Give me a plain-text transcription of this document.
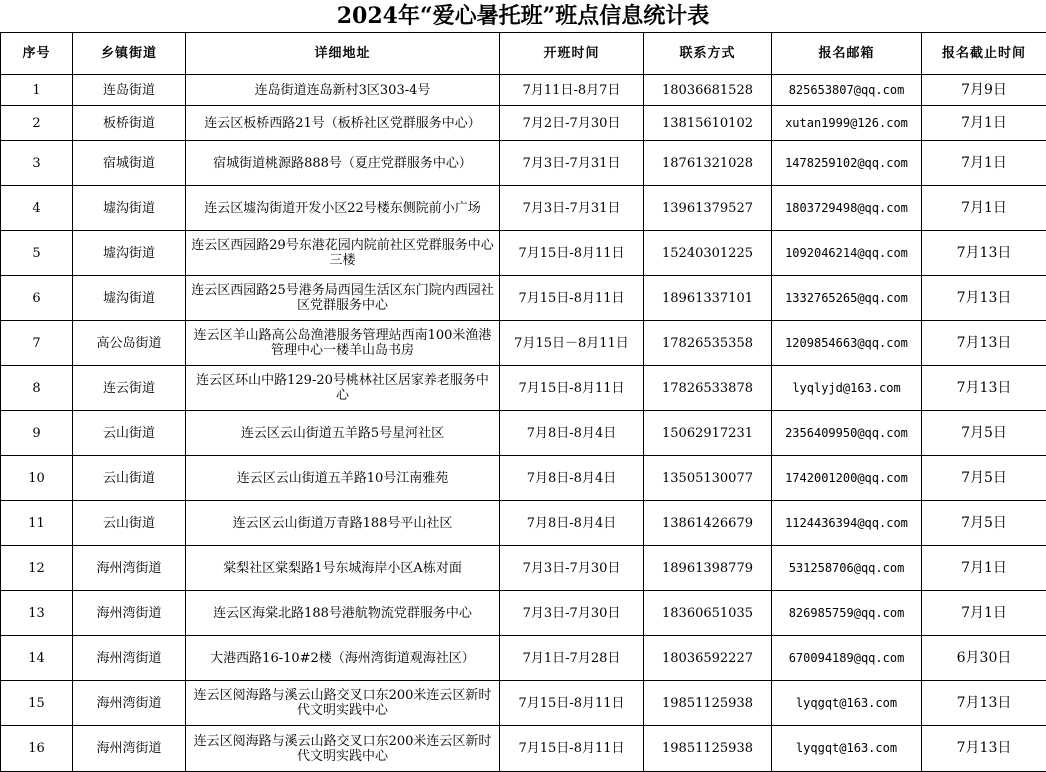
2024年“爱心暑托班”班点信息统计表
序号	乡镇街道	详细地址	开班时间	联系方式	报名邮箱	报名截止时间
1	连岛街道	连岛街道连岛新村3区303-4号	7月11日-8月7日	18036681528	825653807@qq.com	7月9日
2	板桥街道	连云区板桥西路21号（板桥社区党群服务中心）	7月2日-7月30日	13815610102	xutan1999@126.com	7月1日
3	宿城街道	宿城街道桃源路888号（夏庄党群服务中心）	7月3日-7月31日	18761321028	1478259102@qq.com	7月1日
4	墟沟街道	连云区墟沟街道开发小区22号楼东侧院前小广场	7月3日-7月31日	13961379527	1803729498@qq.com	7月1日
5	墟沟街道	连云区西园路29号东港花园内院前社区党群服务中心三楼	7月15日-8月11日	15240301225	1092046214@qq.com	7月13日
6	墟沟街道	连云区西园路25号港务局西园生活区东门院内西园社区党群服务中心	7月15日-8月11日	18961337101	1332765265@qq.com	7月13日
7	高公岛街道	连云区羊山路高公岛渔港服务管理站西南100米渔港管理中心一楼羊山岛书房	7月15日－8月11日	17826535358	1209854663@qq.com	7月13日
8	连云街道	连云区环山中路129-20号桃林社区居家养老服务中心	7月15日-8月11日	17826533878	lyqlyjd@163.com	7月13日
9	云山街道	连云区云山街道五羊路5号星河社区	7月8日-8月4日	15062917231	2356409950@qq.com	7月5日
10	云山街道	连云区云山街道五羊路10号江南雅苑	7月8日-8月4日	13505130077	1742001200@qq.com	7月5日
11	云山街道	连云区云山街道万青路188号平山社区	7月8日-8月4日	13861426679	1124436394@qq.com	7月5日
12	海州湾街道	棠梨社区棠梨路1号东城海岸小区A栋对面	7月3日-7月30日	18961398779	531258706@qq.com	7月1日
13	海州湾街道	连云区海棠北路188号港航物流党群服务中心	7月3日-7月30日	18360651035	826985759@qq.com	7月1日
14	海州湾街道	大港西路16-10#2楼（海州湾街道观海社区）	7月1日-7月28日	18036592227	670094189@qq.com	6月30日
15	海州湾街道	连云区阅海路与溪云山路交叉口东200米连云区新时代文明实践中心	7月15日-8月11日	19851125938	lyqgqt@163.com	7月13日
16	海州湾街道	连云区阅海路与溪云山路交叉口东200米连云区新时代文明实践中心	7月15日-8月11日	19851125938	lyqgqt@163.com	7月13日
